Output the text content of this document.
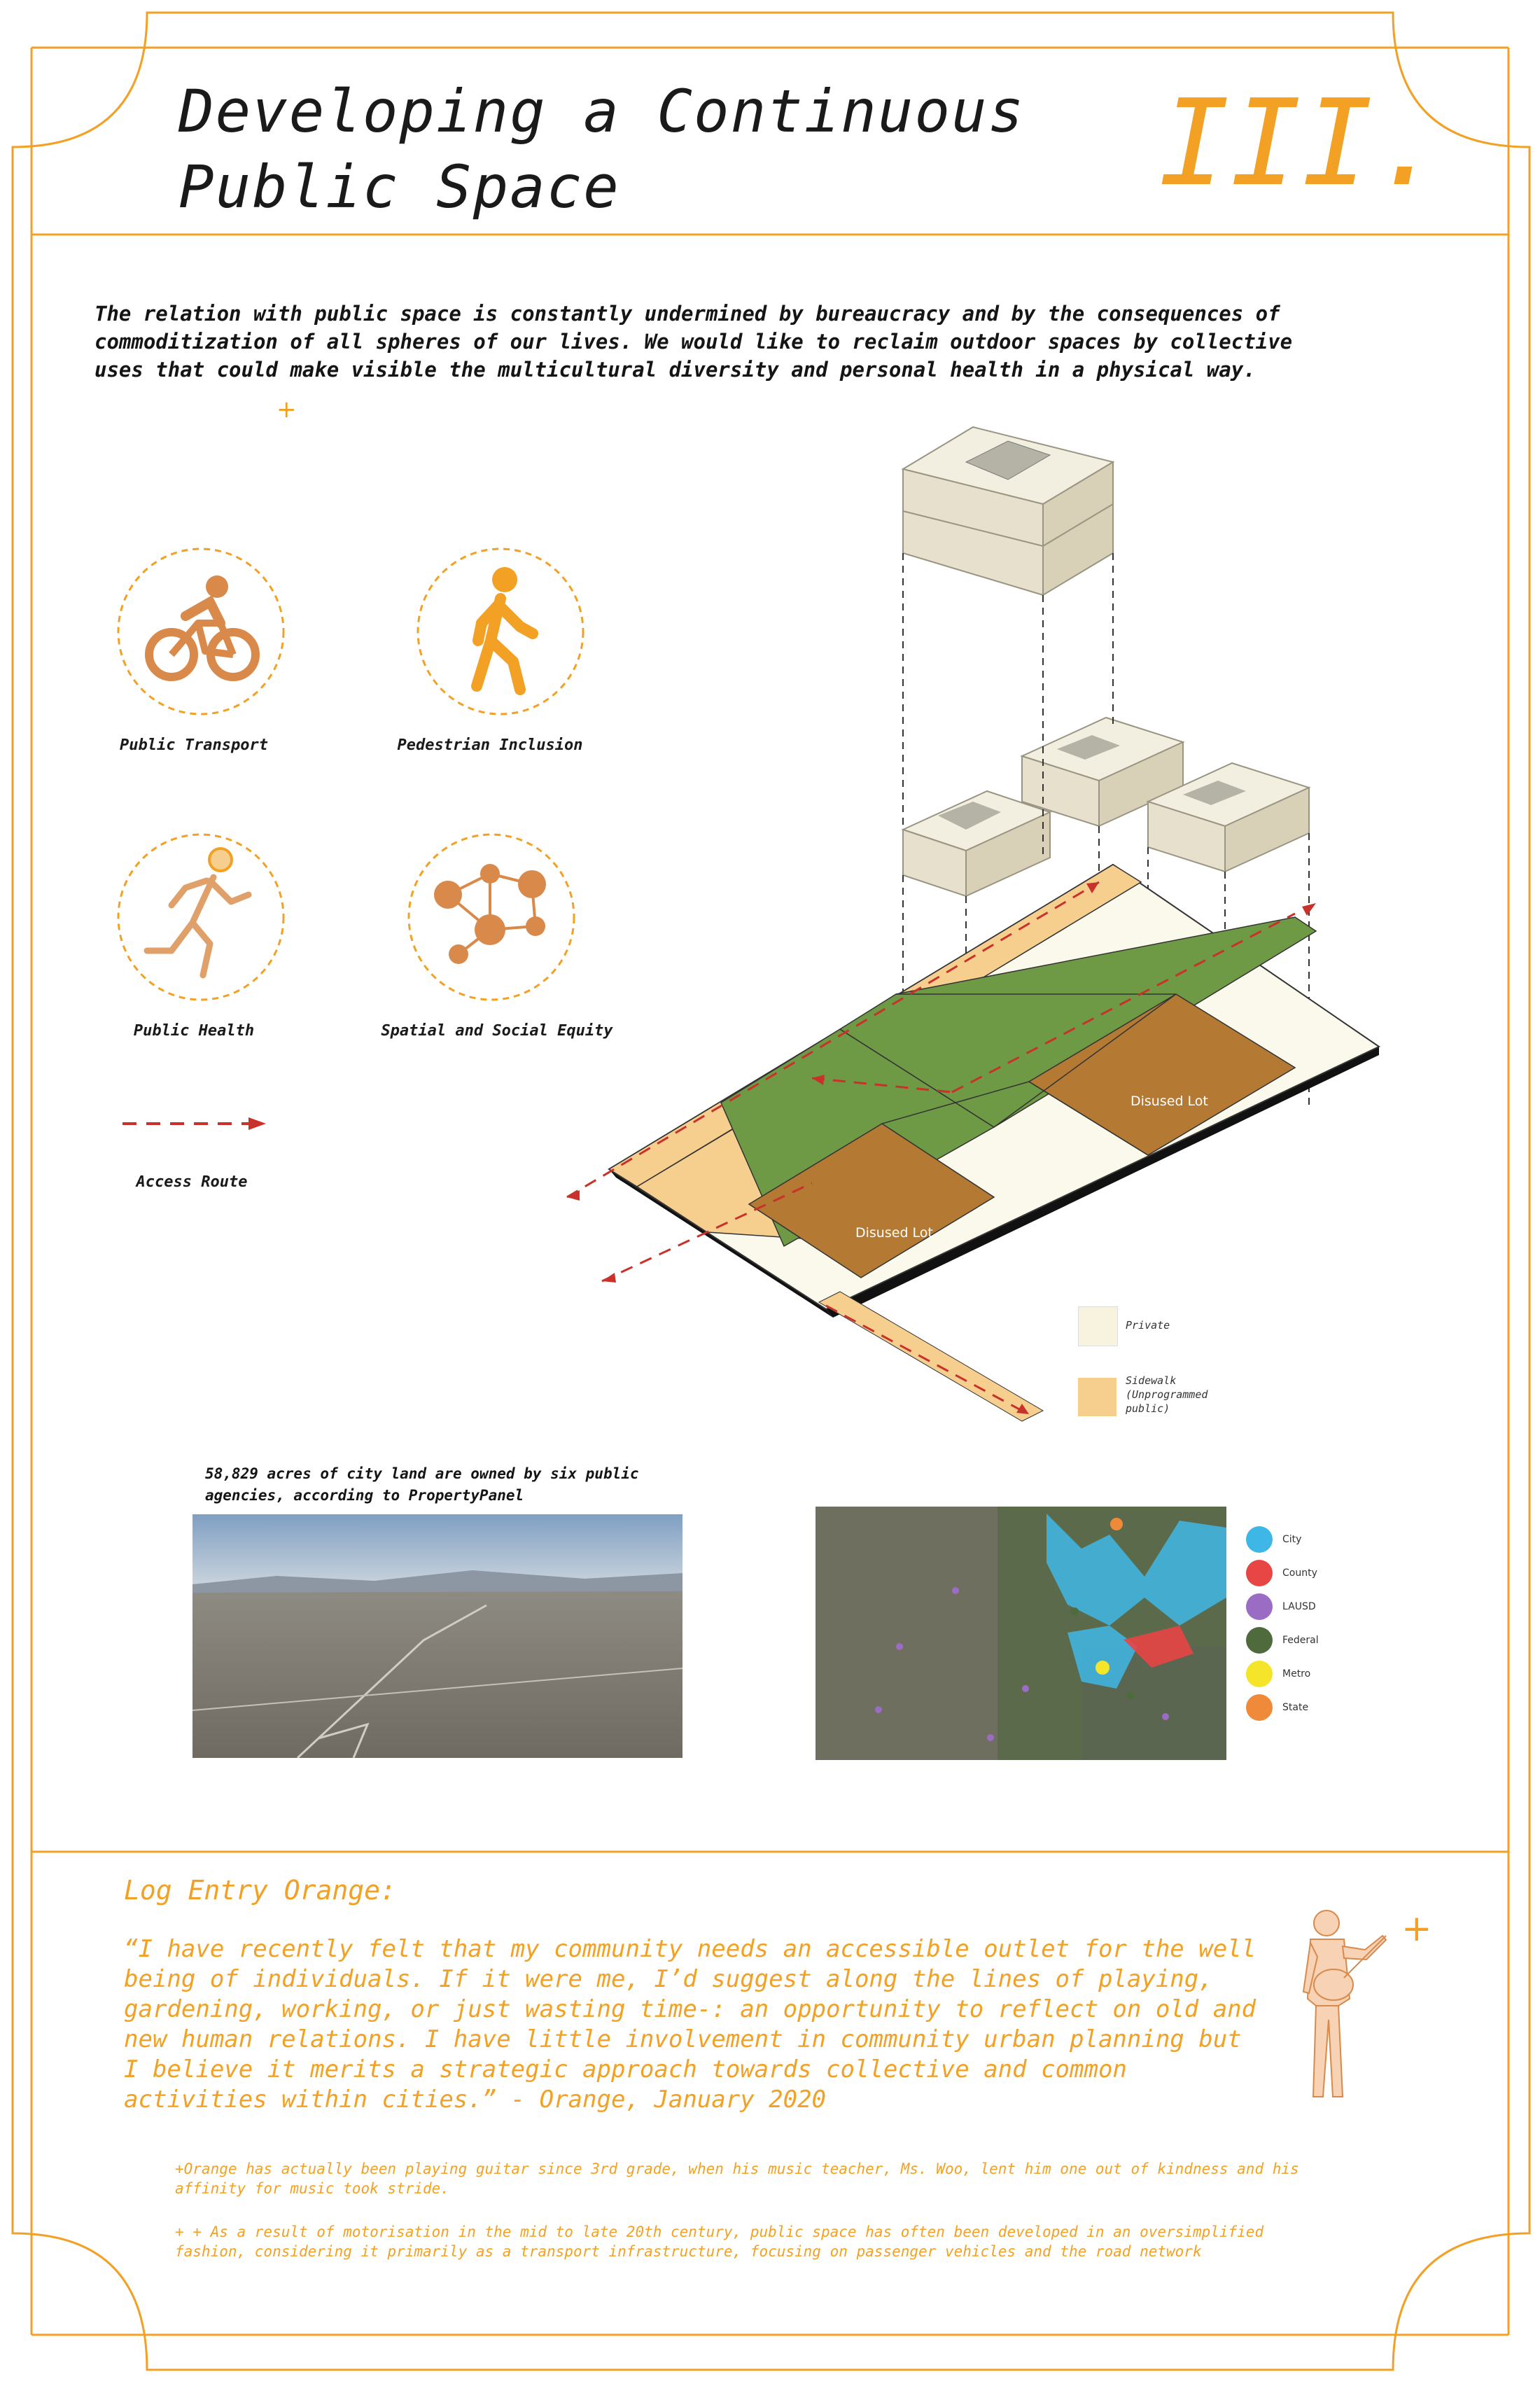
Developing a Continuous
Public Space	III.
The relation with public space is constantly undermined by bureaucracy and by the consequences of commoditization of all spheres of our lives. We would like to reclaim outdoor spaces by collective uses that could make visible the multicultural diversity and personal health in a physical way.
+
Public Transport	Pedestrian Inclusion
Public Health	Spatial and Social Equity
Access Route
Disused Lot
Disused Lot
Private
Sidewalk (Unprogrammed public)
58,829 acres of city land are owned by six public agencies, according to PropertyPanel
City
County
LAUSD
Federal
Metro
State
Log Entry Orange:
“I have recently felt that my community needs an accessible outlet for the well being of individuals. If it were me, I’d suggest along the lines of playing, gardening, working, or just wasting time-: an opportunity to reflect on old and new human relations. I have little involvement in community urban planning but I believe it merits a strategic approach towards collective and common activities within cities.” - Orange, January 2020
+
+Orange has actually been playing guitar since 3rd grade, when his music teacher, Ms. Woo, lent him one out of kindness and his affinity for music took stride.
+ + As a result of motorisation in the mid to late 20th century, public space has often been developed in an oversimplified fashion, considering it primarily as a transport infrastructure, focusing on passenger vehicles and the road network
